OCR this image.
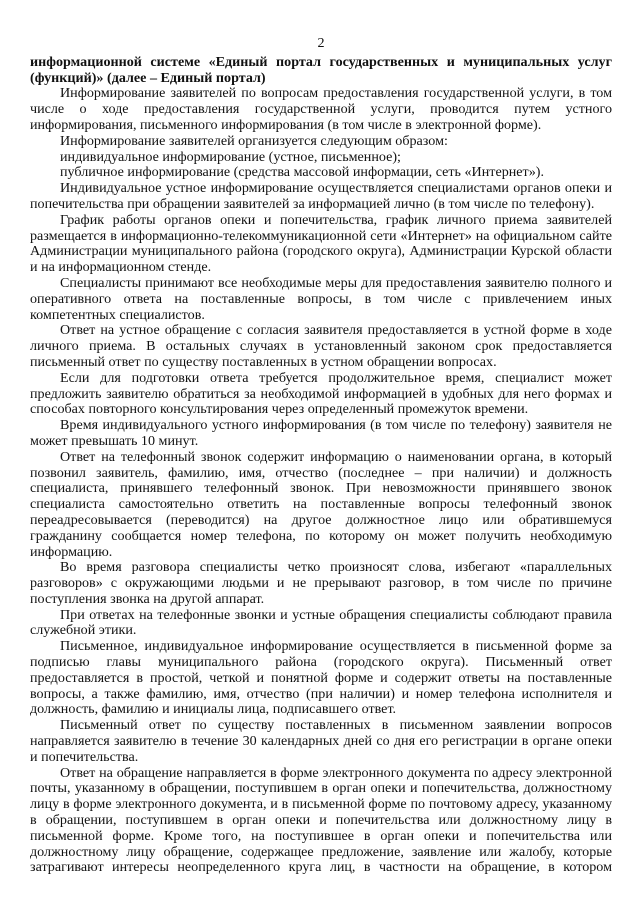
2

информационной системе «Единый портал государственных и муниципальных услуг (функций)» (далее – Единый портал)

Информирование заявителей по вопросам предоставления государственной услуги, в том числе о ходе предоставления государственной услуги, проводится путем устного информирования, письменного информирования (в том числе в электронной форме).

Информирование заявителей организуется следующим образом:

индивидуальное информирование (устное, письменное);

публичное информирование (средства массовой информации, сеть «Интернет»).

Индивидуальное устное информирование осуществляется специалистами органов опеки и попечительства при обращении заявителей за информацией лично (в том числе по телефону).

График работы органов опеки и попечительства, график личного приема заявителей размещается в информационно-телекоммуникационной сети «Интернет» на официальном сайте Администрации муниципального района (городского округа), Администрации Курской области и на информационном стенде.

Специалисты принимают все необходимые меры для предоставления заявителю полного и оперативного ответа на поставленные вопросы, в том числе с привлечением иных компетентных специалистов.

Ответ на устное обращение с согласия заявителя предоставляется в устной форме в ходе личного приема. В остальных случаях в установленный законом срок предоставляется письменный ответ по существу поставленных в устном обращении вопросах.

Если для подготовки ответа требуется продолжительное время, специалист может предложить заявителю обратиться за необходимой информацией в удобных для него формах и способах повторного консультирования через определенный промежуток времени.

Время индивидуального устного информирования (в том числе по телефону) заявителя не может превышать 10 минут.

Ответ на телефонный звонок содержит информацию о наименовании органа, в который позвонил заявитель, фамилию, имя, отчество (последнее – при наличии) и должность специалиста, принявшего телефонный звонок. При невозможности принявшего звонок специалиста самостоятельно ответить на поставленные вопросы телефонный звонок переадресовывается (переводится) на другое должностное лицо или обратившемуся гражданину сообщается номер телефона, по которому он может получить необходимую информацию.

Во время разговора специалисты четко произносят слова, избегают «параллельных разговоров» с окружающими людьми и не прерывают разговор, в том числе по причине поступления звонка на другой аппарат.

При ответах на телефонные звонки и устные обращения специалисты соблюдают правила служебной этики.

Письменное, индивидуальное информирование осуществляется в письменной форме за подписью главы муниципального района (городского округа). Письменный ответ предоставляется в простой, четкой и понятной форме и содержит ответы на поставленные вопросы, а также фамилию, имя, отчество (при наличии) и номер телефона исполнителя и должность, фамилию и инициалы лица, подписавшего ответ.

Письменный ответ по существу поставленных в письменном заявлении вопросов направляется заявителю в течение 30 календарных дней со дня его регистрации в органе опеки и попечительства.

Ответ на обращение направляется в форме электронного документа по адресу электронной почты, указанному в обращении, поступившем в орган опеки и попечительства, должностному лицу в форме электронного документа, и в письменной форме по почтовому адресу, указанному в обращении, поступившем в орган опеки и попечительства или должностному лицу в письменной форме. Кроме того, на поступившее в орган опеки и попечительства или должностному лицу обращение, содержащее предложение, заявление или жалобу, которые затрагивают интересы неопределенного круга лиц, в частности на обращение, в котором
